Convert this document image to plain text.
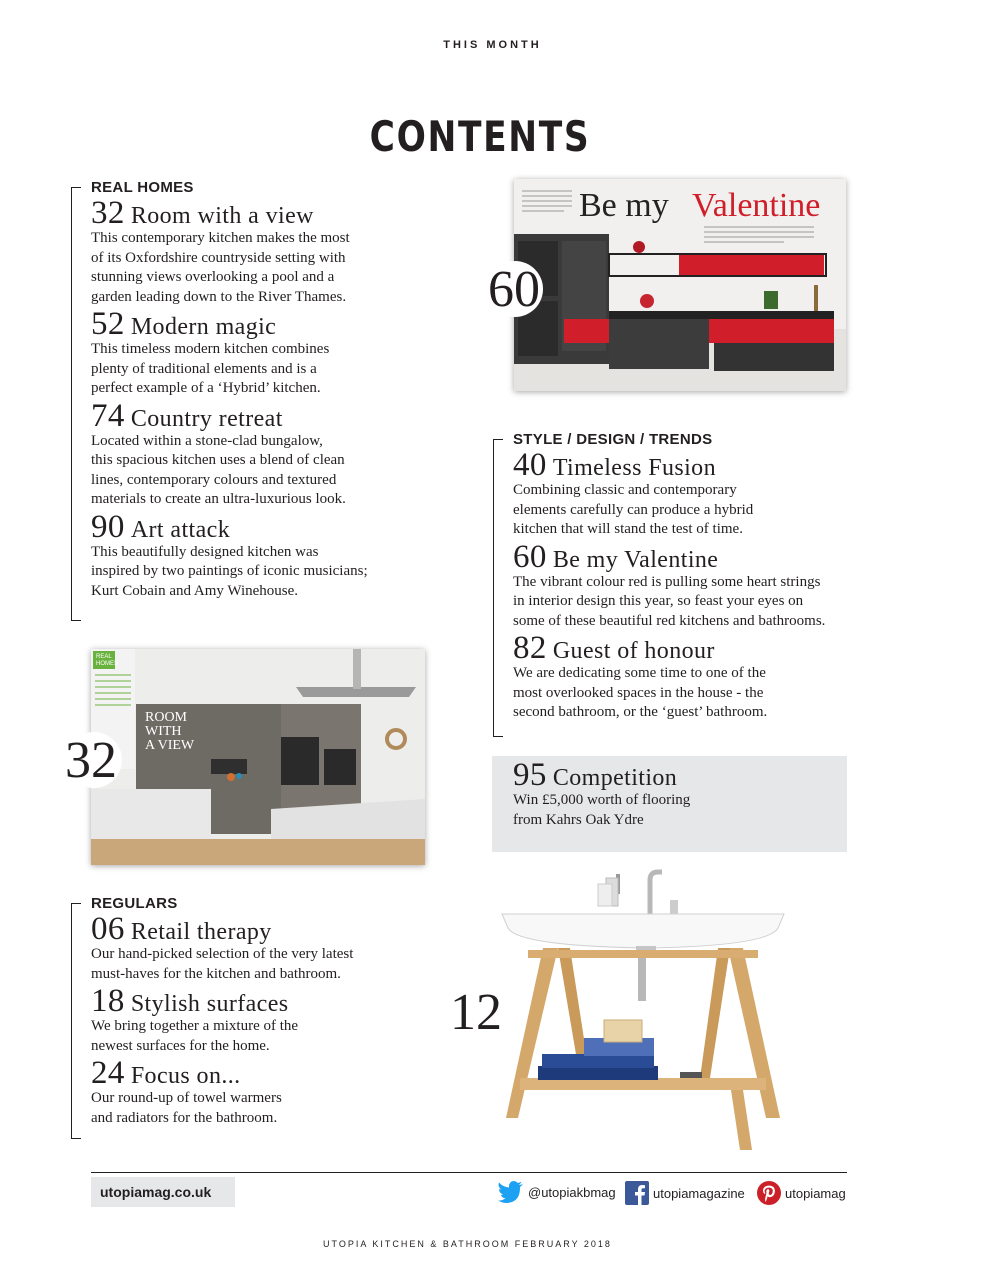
THIS MONTH
CONTENTS
REAL HOMES
32 Room with a view
This contemporary kitchen makes the most
of its Oxfordshire countryside setting with
stunning views overlooking a pool and a
garden leading down to the River Thames.
52 Modern magic
This timeless modern kitchen combines
plenty of traditional elements and is a
perfect example of a ‘Hybrid’ kitchen.
74 Country retreat
Located within a stone-clad bungalow,
this spacious kitchen uses a blend of clean
lines, contemporary colours and textured
materials to create an ultra-luxurious look.
90 Art attack
This beautifully designed kitchen was
inspired by two paintings of iconic musicians;
Kurt Cobain and Amy Winehouse.
Be my Valentine
60
STYLE / DESIGN / TRENDS
40 Timeless Fusion
Combining classic and contemporary
elements carefully can produce a hybrid
kitchen that will stand the test of time.
60 Be my Valentine
The vibrant colour red is pulling some heart strings
in interior design this year, so feast your eyes on
some of these beautiful red kitchens and bathrooms.
82 Guest of honour
We are dedicating some time to one of the
most overlooked spaces in the house - the
second bathroom, or the ‘guest’ bathroom.
REAL
HOMES
ROOM
WITH
A VIEW
32	95 Competition
Win £5,000 worth of flooring
from Kahrs Oak Ydre
REGULARS
06 Retail therapy
Our hand-picked selection of the very latest
must-haves for the kitchen and bathroom.
18 Stylish surfaces
We bring together a mixture of the
newest surfaces for the home.
24 Focus on...
Our round-up of towel warmers
and radiators for the bathroom.
12
utopiamag.co.uk	@utopiakbmag	utopiamagazine	utopiamag
UTOPIA KITCHEN & BATHROOM FEBRUARY 2018
